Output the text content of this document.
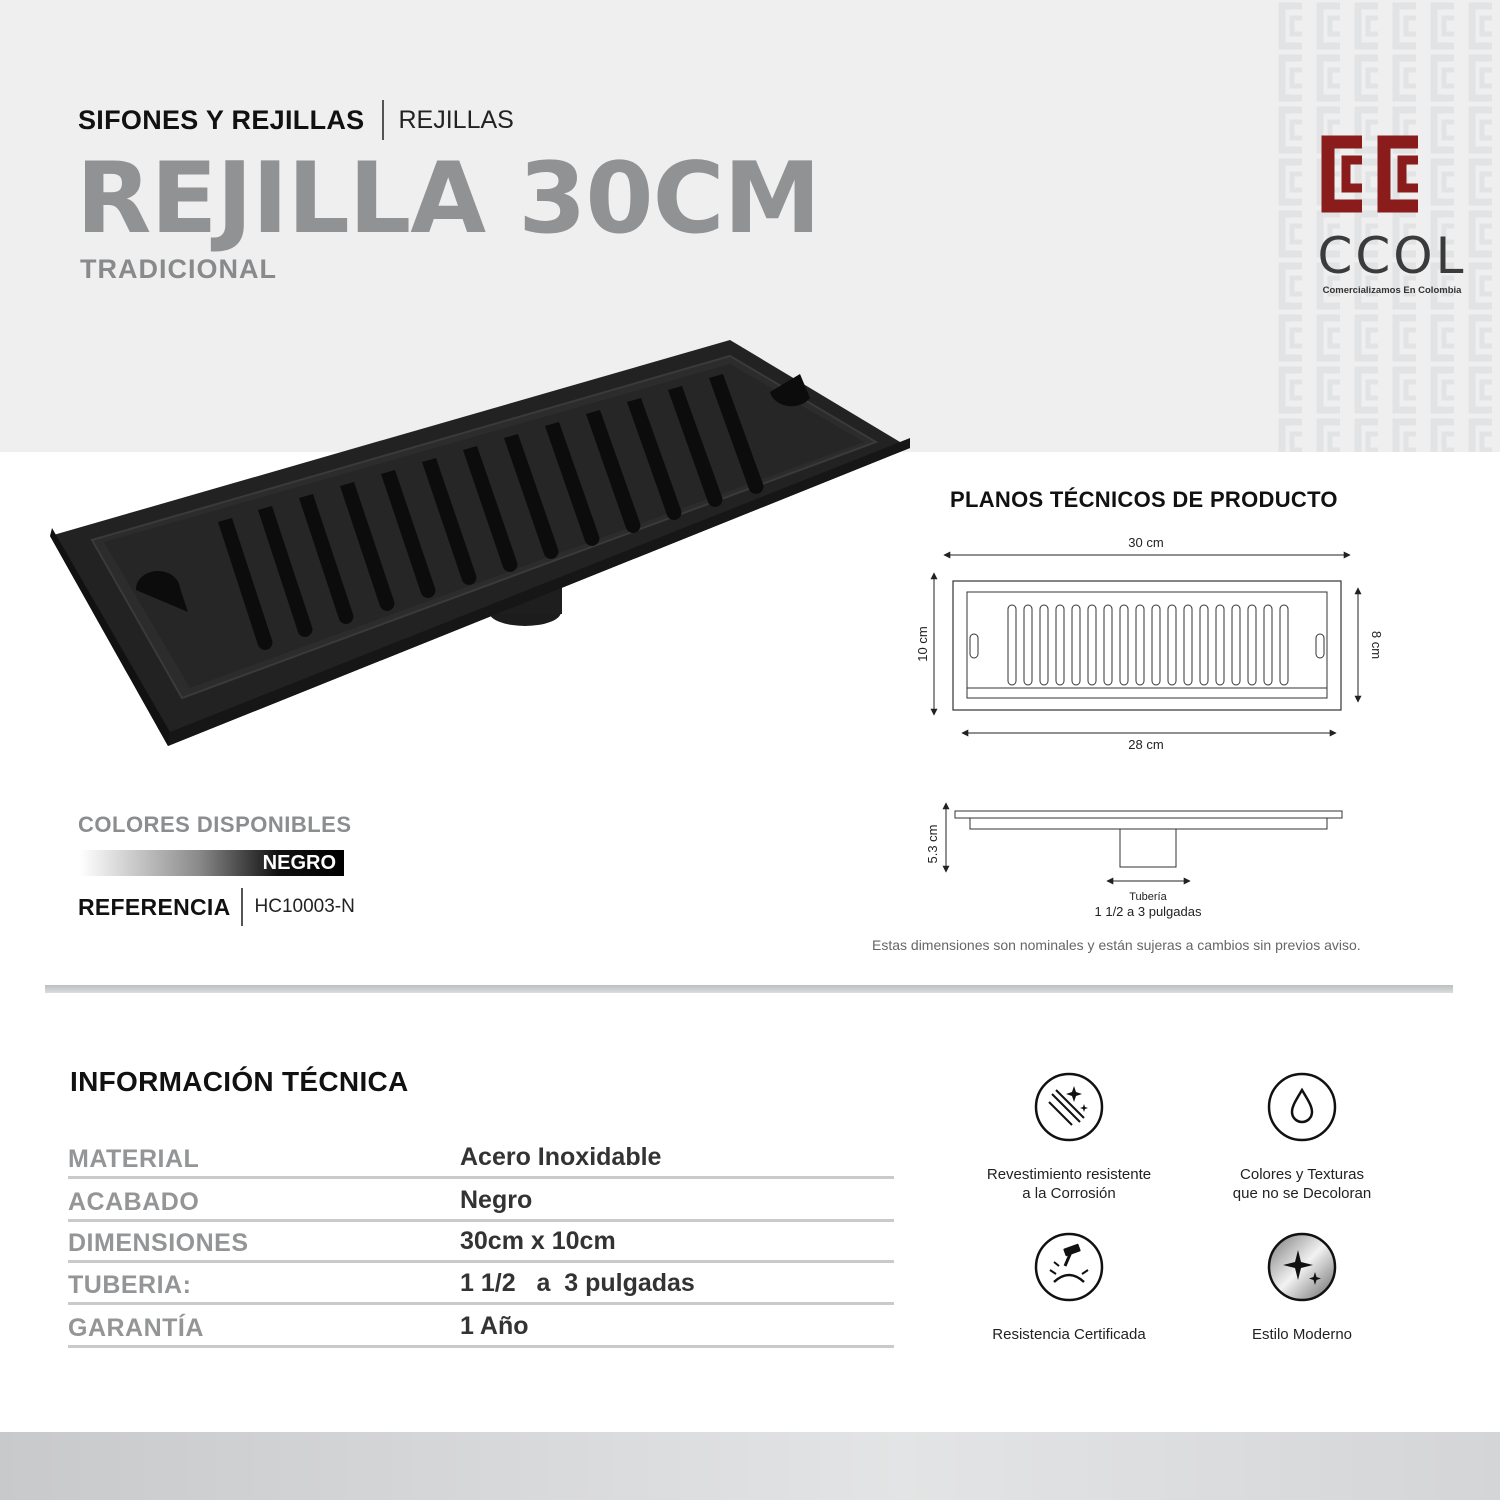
SIFONES Y REJILLAS REJILLAS
REJILLA 30CM
TRADICIONAL	CCOL
Comercializamos En Colombia
COLORES DISPONIBLES
NEGRO
REFERENCIA HC10003-N
PLANOS TÉCNICOS DE PRODUCTO
30 cm
10 cm	8 cm
28 cm
5.3 cm
Tubería
1 1/2 a 3 pulgadas
Estas dimensiones son nominales y están sujeras a cambios sin previos aviso.
INFORMACIÓN TÉCNICA
MATERIAL	Acero Inoxidable
ACABADO	Negro
DIMENSIONES	30cm x 10cm
TUBERIA:	1 1/2   a  3 pulgadas
GARANTÍA	1 Año
Revestimiento resistente
a la Corrosión
Colores y Texturas
que no se Decoloran
Resistencia Certificada	Estilo Moderno
